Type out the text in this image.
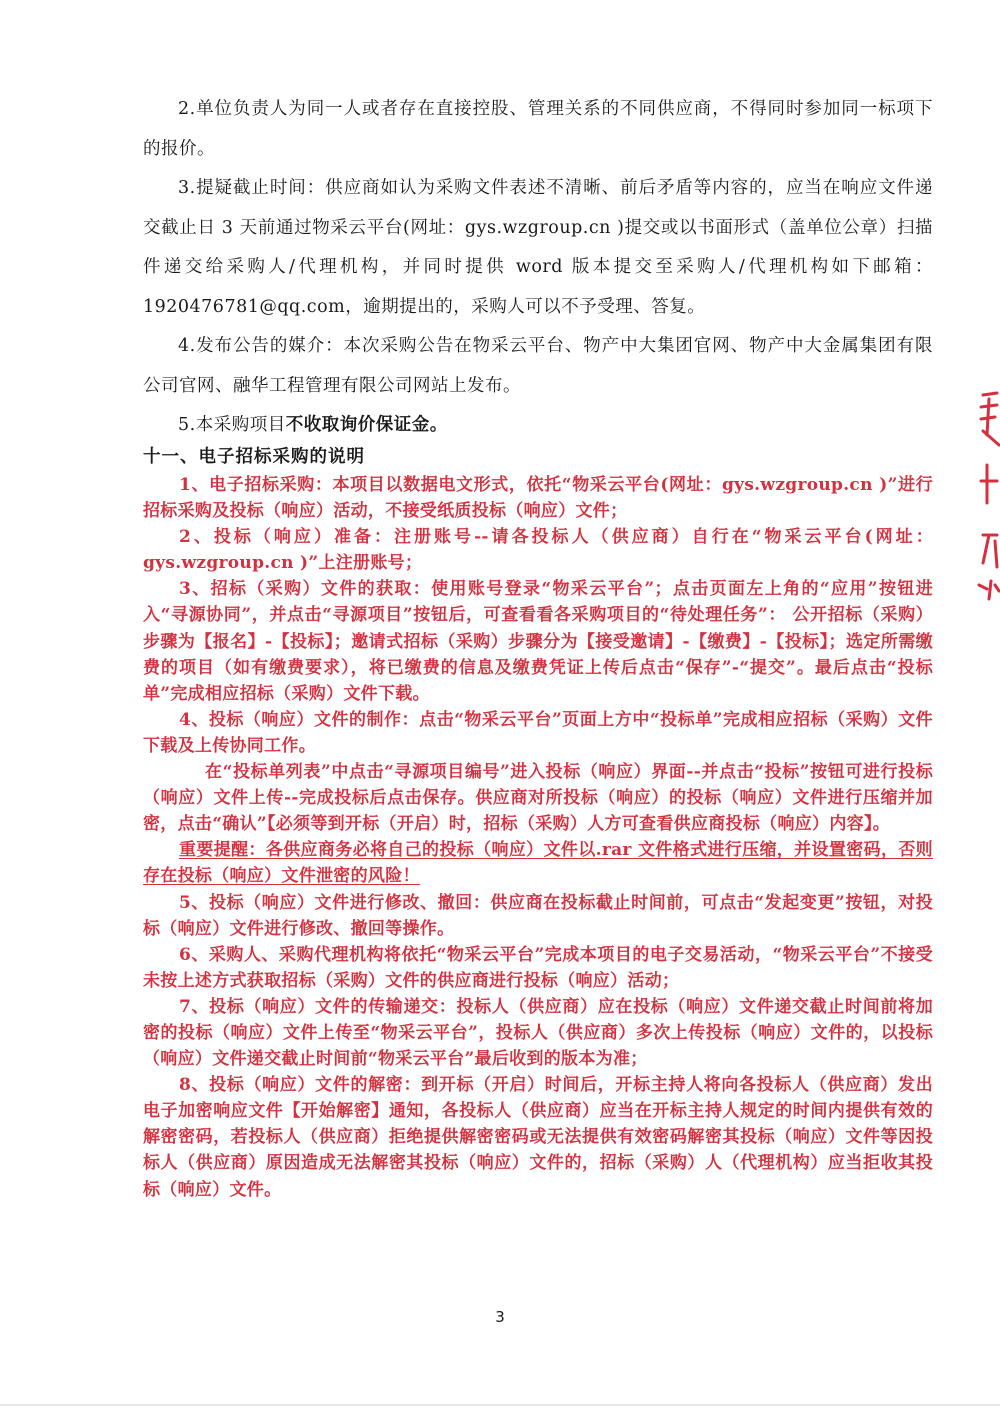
2.单位负责人为同一人或者存在直接控股、管理关系的不同供应商，不得同时参加同一标项下的报价。

3.提疑截止时间：供应商如认为采购文件表述不清晰、前后矛盾等内容的，应当在响应文件递交截止日 3 天前通过物采云平台(网址：gys.wzgroup.cn )提交或以书面形式（盖单位公章）扫描件递交给采购人/代理机构，并同时提供 word 版本提交至采购人/代理机构如下邮箱：1920476781@qq.com，逾期提出的，采购人可以不予受理、答复。

4.发布公告的媒介：本次采购公告在物采云平台、物产中大集团官网、物产中大金属集团有限公司官网、融华工程管理有限公司网站上发布。

5.本采购项目不收取询价保证金。

十一、电子招标采购的说明

1、电子招标采购：本项目以数据电文形式，依托“物采云平台(网址：gys.wzgroup.cn )”进行招标采购及投标（响应）活动，不接受纸质投标（响应）文件；

2、投标（响应）准备：注册账号--请各投标人（供应商）自行在“物采云平台(网址：gys.wzgroup.cn )”上注册账号；

3、招标（采购）文件的获取：使用账号登录“物采云平台”；点击页面左上角的“应用”按钮进入“寻源协同”，并点击“寻源项目”按钮后，可查看看各采购项目的“待处理任务”： 公开招标（采购）步骤为【报名】-【投标】；邀请式招标（采购）步骤分为【接受邀请】-【缴费】-【投标】；选定所需缴费的项目（如有缴费要求），将已缴费的信息及缴费凭证上传后点击“保存”-“提交”。最后点击“投标单”完成相应招标（采购）文件下载。

4、投标（响应）文件的制作：点击“物采云平台”页面上方中“投标单”完成相应招标（采购）文件下载及上传协同工作。

在“投标单列表”中点击“寻源项目编号”进入投标（响应）界面--并点击“投标”按钮可进行投标（响应）文件上传--完成投标后点击保存。供应商对所投标（响应）的投标（响应）文件进行压缩并加密，点击“确认”【必须等到开标（开启）时，招标（采购）人方可查看供应商投标（响应）内容】。

重要提醒：各供应商务必将自己的投标（响应）文件以.rar 文件格式进行压缩，并设置密码，否则存在投标（响应）文件泄密的风险！

5、投标（响应）文件进行修改、撤回：供应商在投标截止时间前，可点击“发起变更”按钮，对投标（响应）文件进行修改、撤回等操作。

6、采购人、采购代理机构将依托“物采云平台”完成本项目的电子交易活动，“物采云平台”不接受未按上述方式获取招标（采购）文件的供应商进行投标（响应）活动；

7、投标（响应）文件的传输递交：投标人（供应商）应在投标（响应）文件递交截止时间前将加密的投标（响应）文件上传至“物采云平台”，投标人（供应商）多次上传投标（响应）文件的，以投标（响应）文件递交截止时间前“物采云平台”最后收到的版本为准；

8、投标（响应）文件的解密：到开标（开启）时间后，开标主持人将向各投标人（供应商）发出电子加密响应文件【开始解密】通知，各投标人（供应商）应当在开标主持人规定的时间内提供有效的解密密码，若投标人（供应商）拒绝提供解密密码或无法提供有效密码解密其投标（响应）文件等因投标人（供应商）原因造成无法解密其投标（响应）文件的，招标（采购）人（代理机构）应当拒收其投标（响应）文件。

3
